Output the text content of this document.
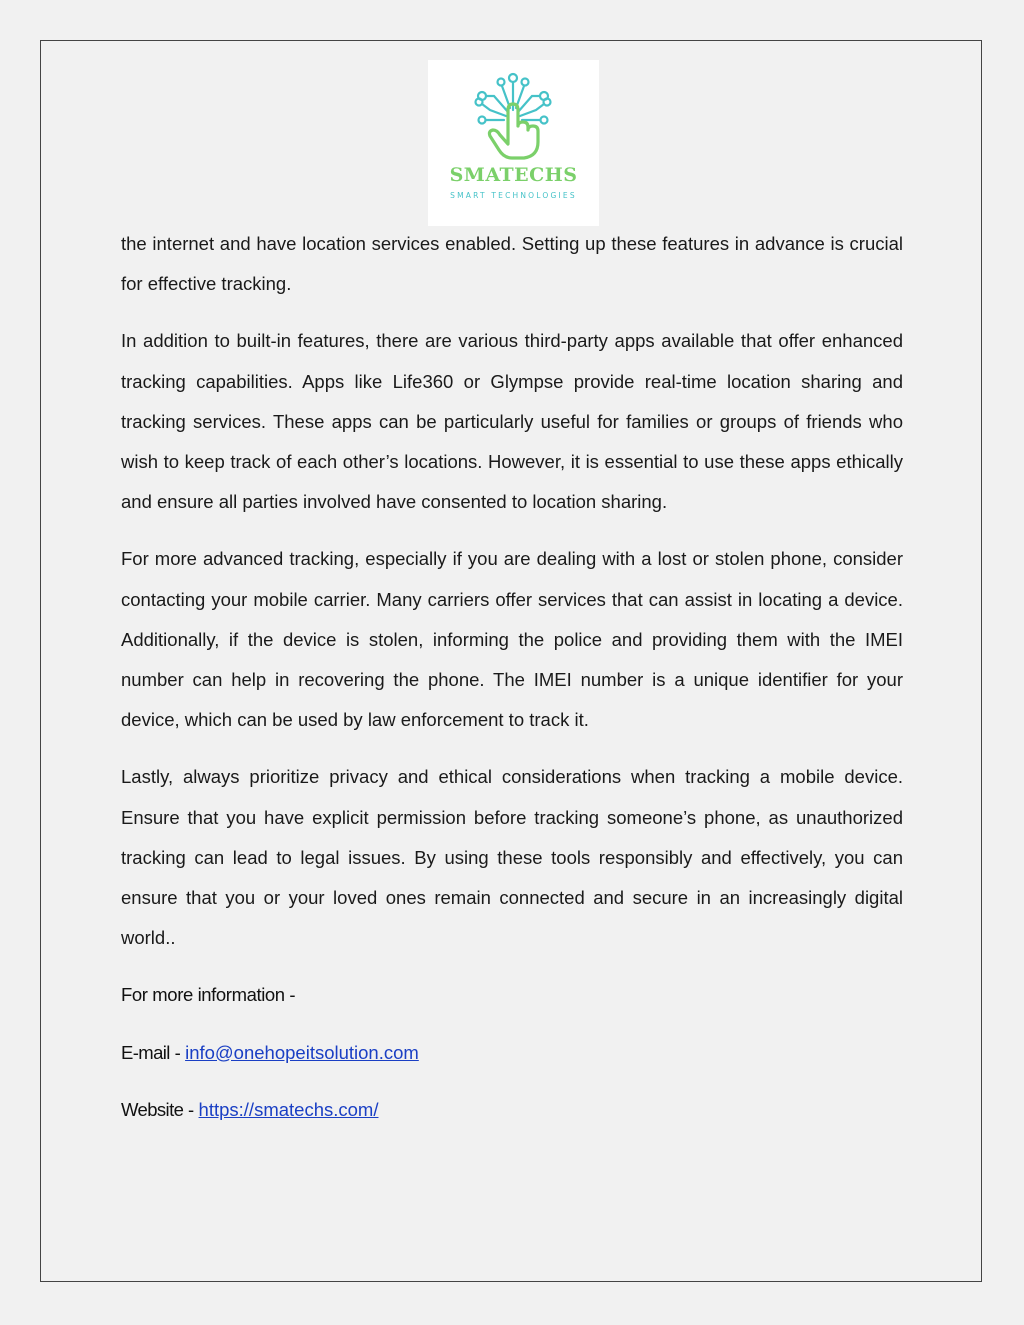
SMATECHS
SMART TECHNOLOGIES

the internet and have location services enabled. Setting up these features in advance is crucial for effective tracking.

In addition to built-in features, there are various third-party apps available that offer enhanced tracking capabilities. Apps like Life360 or Glympse provide real-time location sharing and tracking services. These apps can be particularly useful for families or groups of friends who wish to keep track of each other’s locations. However, it is essential to use these apps ethically and ensure all parties involved have consented to location sharing.

For more advanced tracking, especially if you are dealing with a lost or stolen phone, consider contacting your mobile carrier. Many carriers offer services that can assist in locating a device. Additionally, if the device is stolen, informing the police and providing them with the IMEI number can help in recovering the phone. The IMEI number is a unique identifier for your device, which can be used by law enforcement to track it.

Lastly, always prioritize privacy and ethical considerations when tracking a mobile device. Ensure that you have explicit permission before tracking someone’s phone, as unauthorized tracking can lead to legal issues. By using these tools responsibly and effectively, you can ensure that you or your loved ones remain connected and secure in an increasingly digital world..

For more information -

E-mail - info@onehopeitsolution.com

Website - https://smatechs.com/
